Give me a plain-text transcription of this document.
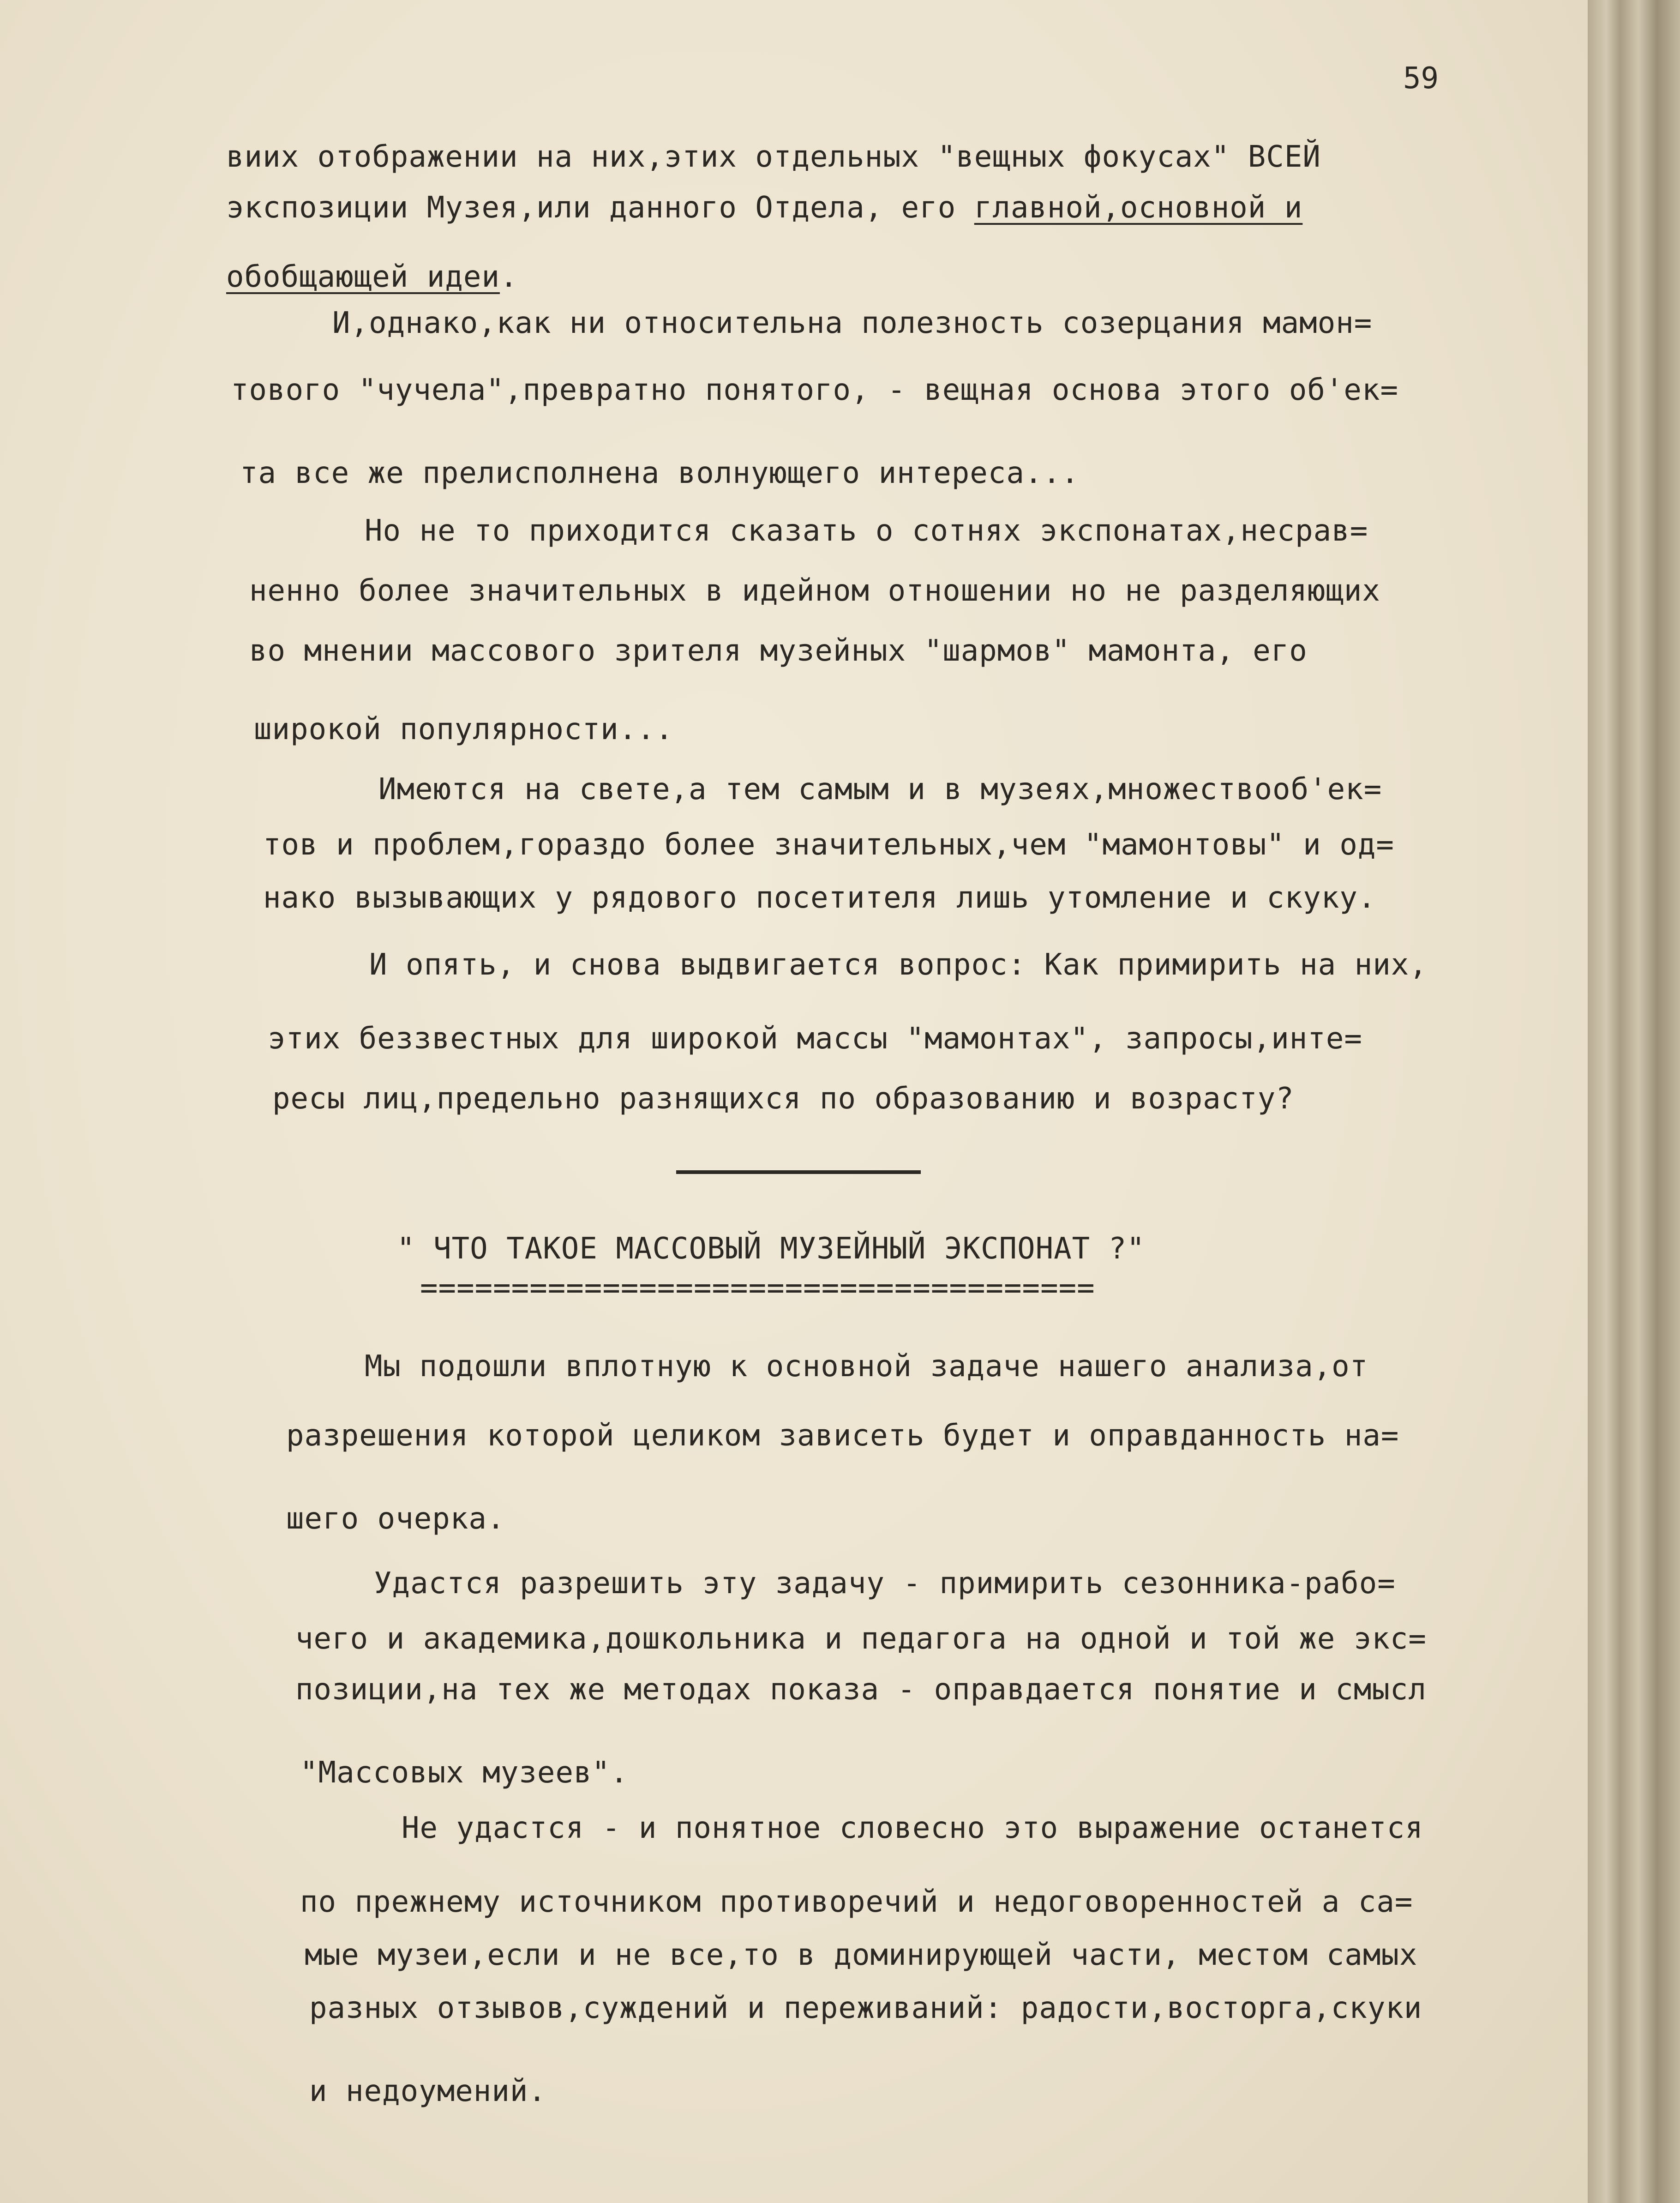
59

виих отображении на них,этих отдельных "вещных фокусах" ВСЕЙ

экспозиции Музея,или данного Отдела, его главной,основной и

обобщающей идеи.

И,однако,как ни относительна полезность созерцания мамон=

тового "чучела",превратно понятого, - вещная основа этого об'ек=

та все же прелисполнена волнующего интереса...

Но не то приходится сказать о сотнях экспонатах,несрав=

ненно более значительных в идейном отношении но не разделяющих

во мнении массового зрителя музейных "шармов" мамонта, его

широкой популярности...

Имеются на свете,а тем самым и в музеях,множествооб'ек=

тов и проблем,гораздо более значительных,чем "мамонтовы" и од=

нако вызывающих у рядового посетителя лишь утомление и скуку.

И опять, и снова выдвигается вопрос: Как примирить на них,

этих беззвестных для широкой массы "мамонтах", запросы,инте=

ресы лиц,предельно разнящихся по образованию и возрасту?

" ЧТО ТАКОЕ МАССОВЫЙ МУЗЕЙНЫЙ ЭКСПОНАТ ?"

=====================================

Мы подошли вплотную к основной задаче нашего анализа,от

разрешения которой целиком зависеть будет и оправданность на=

шего очерка.

Удастся разрешить эту задачу - примирить сезонника-рабо=

чего и академика,дошкольника и педагога на одной и той же экс=

позиции,на тех же методах показа - оправдается понятие и смысл

"Массовых музеев".

Не удастся - и понятное словесно это выражение останется

по прежнему источником противоречий и недоговоренностей а са=

мые музеи,если и не все,то в доминирующей части, местом самых

разных отзывов,суждений и переживаний: радости,восторга,скуки

и недоумений.
